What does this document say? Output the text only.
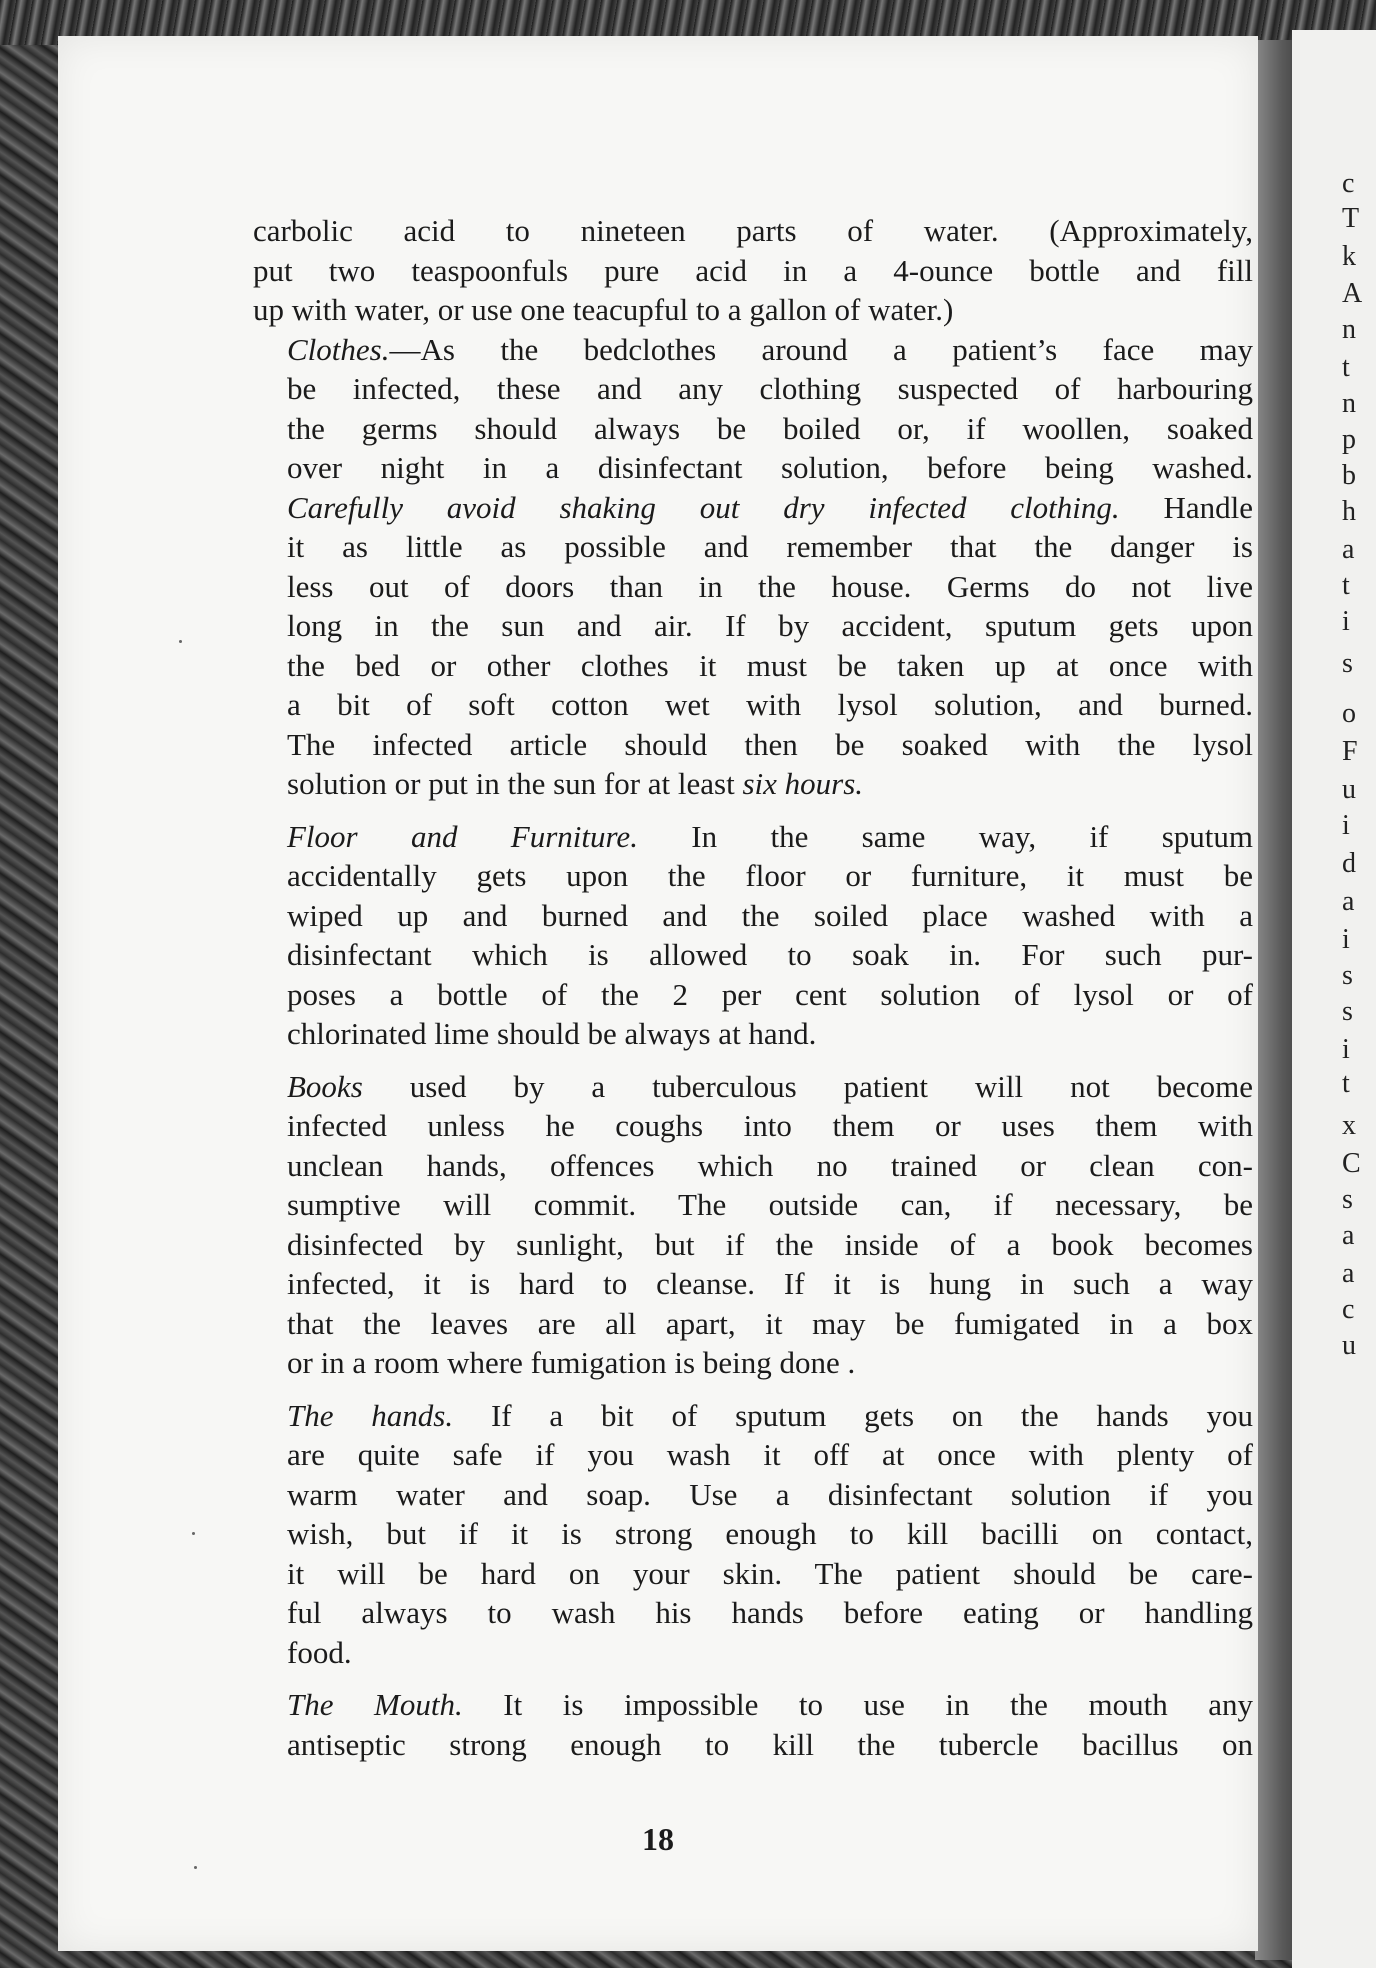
c
T
k
A
n
t
n
p
b
h
a
t
i
s
o
F
u
i
d
a
i
s
s
i
t
x
C
s
a
a
c
u

carbolic acid to nineteen parts of water. (Approximately,
put two teaspoonfuls pure acid in a 4-ounce bottle and fill
up with water, or use one teacupful to a gallon of water.)

Clothes.—As the bedclothes around a patient’s face may
be infected, these and any clothing suspected of harbouring
the germs should always be boiled or, if woollen, soaked
over night in a disinfectant solution, before being washed.
Carefully avoid shaking out dry infected clothing. Handle
it as little as possible and remember that the danger is
less out of doors than in the house. Germs do not live
long in the sun and air. If by accident, sputum gets upon
the bed or other clothes it must be taken up at once with
a bit of soft cotton wet with lysol solution, and burned.
The infected article should then be soaked with the lysol
solution or put in the sun for at least six hours.

Floor and Furniture. In the same way, if sputum
accidentally gets upon the floor or furniture, it must be
wiped up and burned and the soiled place washed with a
disinfectant which is allowed to soak in. For such pur-
poses a bottle of the 2 per cent solution of lysol or of
chlorinated lime should be always at hand.

Books used by a tuberculous patient will not become
infected unless he coughs into them or uses them with
unclean hands, offences which no trained or clean con-
sumptive will commit. The outside can, if necessary, be
disinfected by sunlight, but if the inside of a book becomes
infected, it is hard to cleanse. If it is hung in such a way
that the leaves are all apart, it may be fumigated in a box
or in a room where fumigation is being done .

The hands. If a bit of sputum gets on the hands you
are quite safe if you wash it off at once with plenty of
warm water and soap. Use a disinfectant solution if you
wish, but if it is strong enough to kill bacilli on contact,
it will be hard on your skin. The patient should be care-
ful always to wash his hands before eating or handling
food.

The Mouth. It is impossible to use in the mouth any
antiseptic strong enough to kill the tubercle bacillus on

18
